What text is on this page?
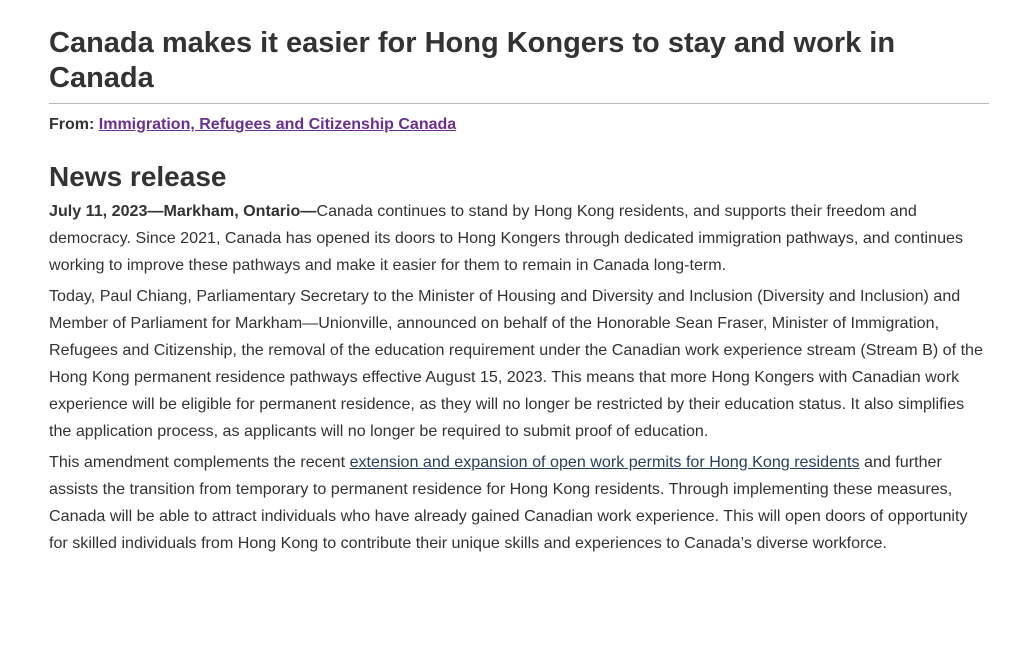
Canada makes it easier for Hong Kongers to stay and work in Canada

From: Immigration, Refugees and Citizenship Canada

News release

July 11, 2023—Markham, Ontario—Canada continues to stand by Hong Kong residents, and supports their freedom and democracy. Since 2021, Canada has opened its doors to Hong Kongers through dedicated immigration pathways, and continues working to improve these pathways and make it easier for them to remain in Canada long-term.

Today, Paul Chiang, Parliamentary Secretary to the Minister of Housing and Diversity and Inclusion (Diversity and Inclusion) and Member of Parliament for Markham—Unionville, announced on behalf of the Honorable Sean Fraser, Minister of Immigration, Refugees and Citizenship, the removal of the education requirement under the Canadian work experience stream (Stream B) of the Hong Kong permanent residence pathways effective August 15, 2023. This means that more Hong Kongers with Canadian work experience will be eligible for permanent residence, as they will no longer be restricted by their education status. It also simplifies the application process, as applicants will no longer be required to submit proof of education.

This amendment complements the recent extension and expansion of open work permits for Hong Kong residents and further assists the transition from temporary to permanent residence for Hong Kong residents. Through implementing these measures, Canada will be able to attract individuals who have already gained Canadian work experience. This will open doors of opportunity for skilled individuals from Hong Kong to contribute their unique skills and experiences to Canada’s diverse workforce.
